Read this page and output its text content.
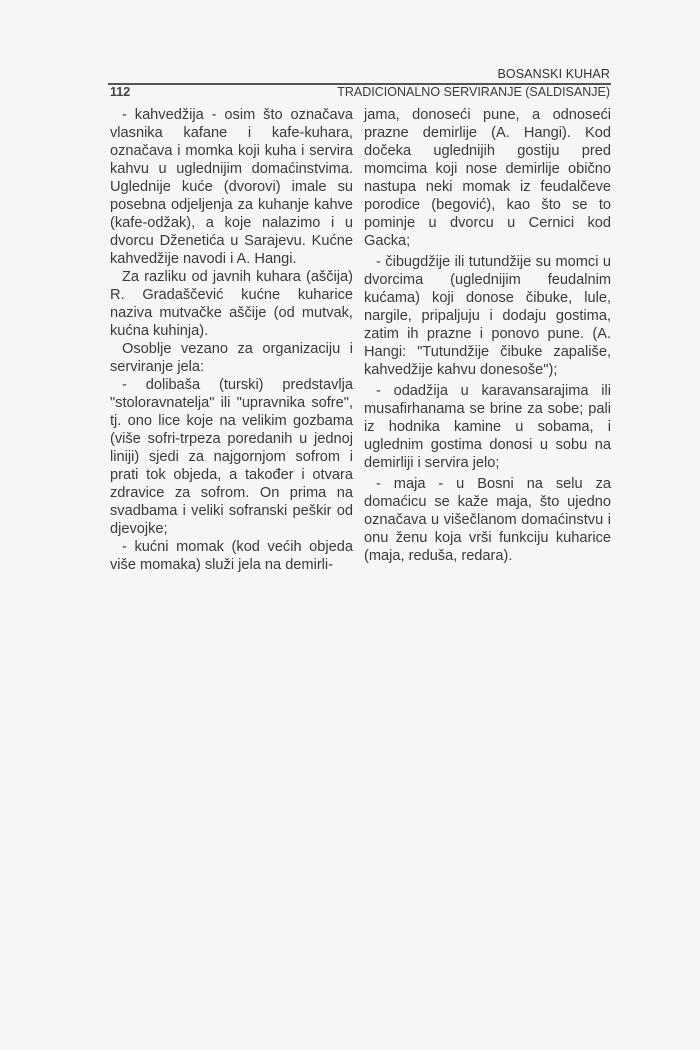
BOSANSKI KUHAR
112	TRADICIONALNO SERVIRANJE (SALDISANJE)

- kahvedžija - osim što označava vlasnika kafane i kafe-kuhara, označava i momka koji kuha i servira kahvu u uglednijim domaćinstvima. Uglednije kuće (dvorovi) imale su posebna odjeljenja za kuhanje kahve (kafe-odžak), a koje nalazimo i u dvorcu Dženetića u Sarajevu. Kućne kahvedžije navodi i A. Hangi.

Za razliku od javnih kuhara (aščija) R. Gradaščević kućne kuharice naziva mutvačke aščije (od mutvak, kućna kuhinja).

Osoblje vezano za organizaciju i serviranje jela:

- dolibaša (turski) predstavlja "stoloravnatelja" ili "upravnika sofre", tj. ono lice koje na velikim gozbama (više sofri-trpeza poredanih u jednoj liniji) sjedi za najgornjom sofrom i prati tok objeda, a također i otvara zdravice za sofrom. On prima na svadbama i veliki sofranski peškir od djevojke;

- kućni momak (kod većih objeda više momaka) služi jela na demirli-

jama, donoseći pune, a odnoseći prazne demirlije (A. Hangi). Kod dočeka uglednijih gostiju pred momcima koji nose demirlije obično nastupa neki momak iz feudalčeve porodice (begović), kao što se to pominje u dvorcu u Cernici kod Gacka;

- čibugdžije ili tutundžije su momci u dvorcima (uglednijim feudalnim kućama) koji donose čibuke, lule, nargile, pripaljuju i dodaju gostima, zatim ih prazne i ponovo pune. (A. Hangi: "Tutundžije čibuke zapališe, kahvedžije kahvu donesoše");

- odadžija u karavansarajima ili musafirhanama se brine za sobe; pali iz hodnika kamine u sobama, i uglednim gostima donosi u sobu na demirliji i servira jelo;

- maja - u Bosni na selu za domaćicu se kaže maja, što ujedno označava u višečlanom domaćinstvu i onu ženu koja vrši funkciju kuharice (maja, reduša, redara).
